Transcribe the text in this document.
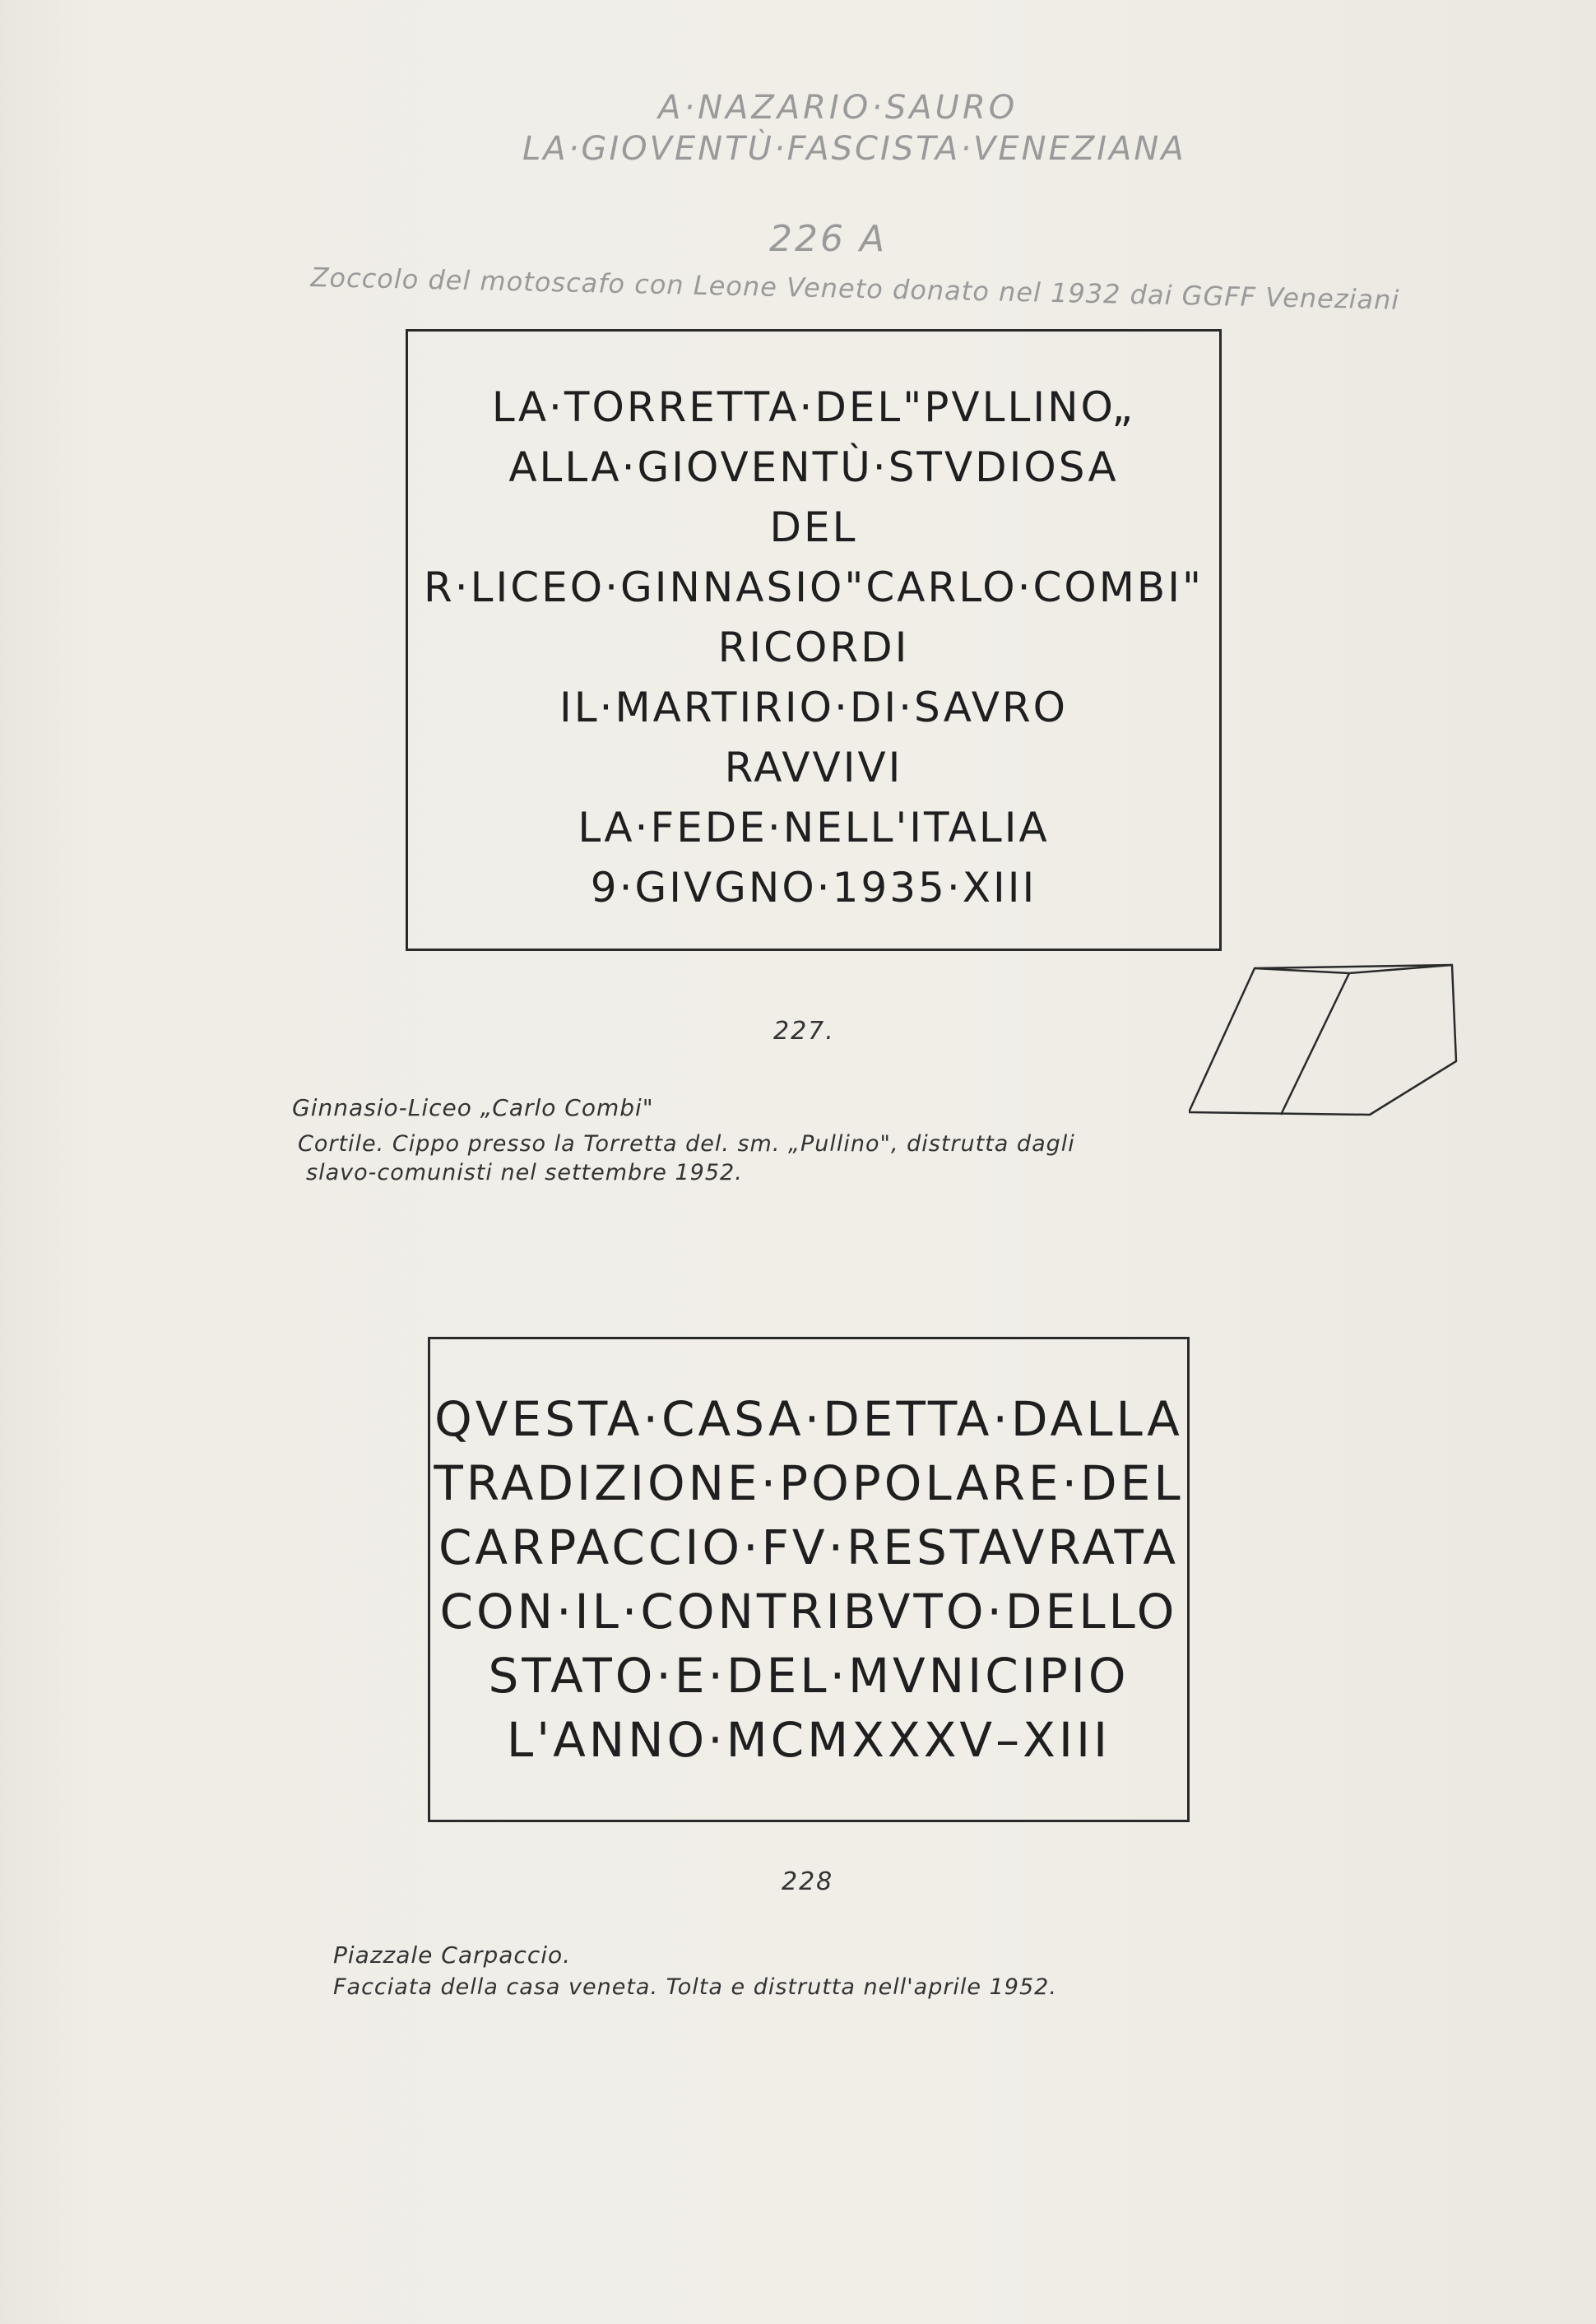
A·NAZARIO·SAURO
LA·GIOVENTÙ·FASCISTA·VENEZIANA
226 A
Zoccolo del motoscafo con Leone Veneto donato nel 1932 dai GGFF Veneziani
LA·TORRETTA·DEL"PVLLINO„
ALLA·GIOVENTÙ·STVDIOSA
DEL
R·LICEO·GINNASIO"CARLO·COMBI"
RICORDI
IL·MARTIRIO·DI·SAVRO
RAVVIVI
LA·FEDE·NELL'ITALIA
9·GIVGNO·1935·XIII
227.
Ginnasio-Liceo „Carlo Combi"
Cortile. Cippo presso la Torretta del. sm. „Pullino", distrutta dagli
slavo-comunisti nel settembre 1952.
QVESTA·CASA·DETTA·DALLA
TRADIZIONE·POPOLARE·DEL
CARPACCIO·FV·RESTAVRATA
CON·IL·CONTRIBVTO·DELLO
STATO·E·DEL·MVNICIPIO
L'ANNO·MCMXXXV–XIII
228
Piazzale Carpaccio.
Facciata della casa veneta. Tolta e distrutta nell'aprile 1952.
